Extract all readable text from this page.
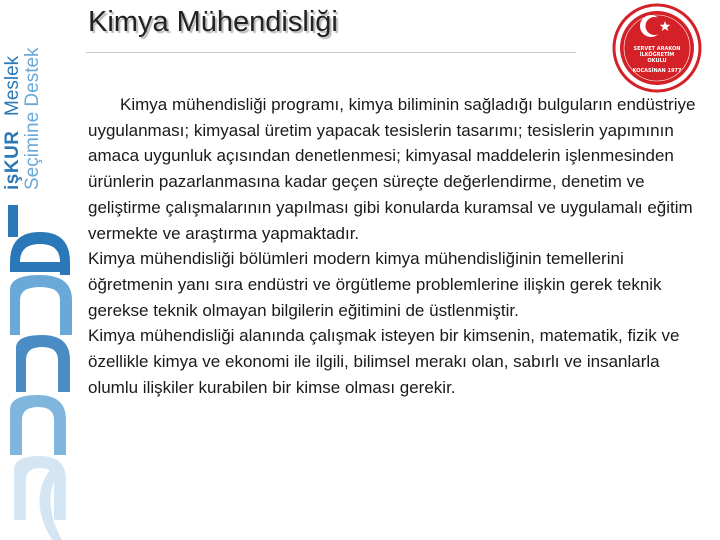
işKUR
Meslek Seçimine Destek
Kimya Mühendisliği
SERVET ARAKON İLKÖĞRETİM OKULU
KOCASİNAN 1977

Kimya mühendisliği programı, kimya biliminin sağladığı bulguların endüstriye uygulanması; kimyasal üretim yapacak tesislerin tasarımı; tesislerin yapımının amaca uygunluk açısından denetlenmesi; kimyasal maddelerin işlenmesinden ürünlerin pazarlanmasına kadar geçen süreçte değerlendirme, denetim ve geliştirme çalışmalarının yapılması gibi konularda kuramsal ve uygulamalı eğitim vermekte ve araştırma yapmaktadır.

Kimya mühendisliği bölümleri modern kimya mühendisliğinin temellerini öğretmenin yanı sıra endüstri ve örgütleme problemlerine ilişkin gerek teknik gerekse teknik olmayan bilgilerin eğitimini de üstlenmiştir.

Kimya mühendisliği alanında çalışmak isteyen bir kimsenin, matematik, fizik ve özellikle kimya ve ekonomi ile ilgili, bilimsel merakı olan, sabırlı ve insanlarla olumlu ilişkiler kurabilen bir kimse olması gerekir.
